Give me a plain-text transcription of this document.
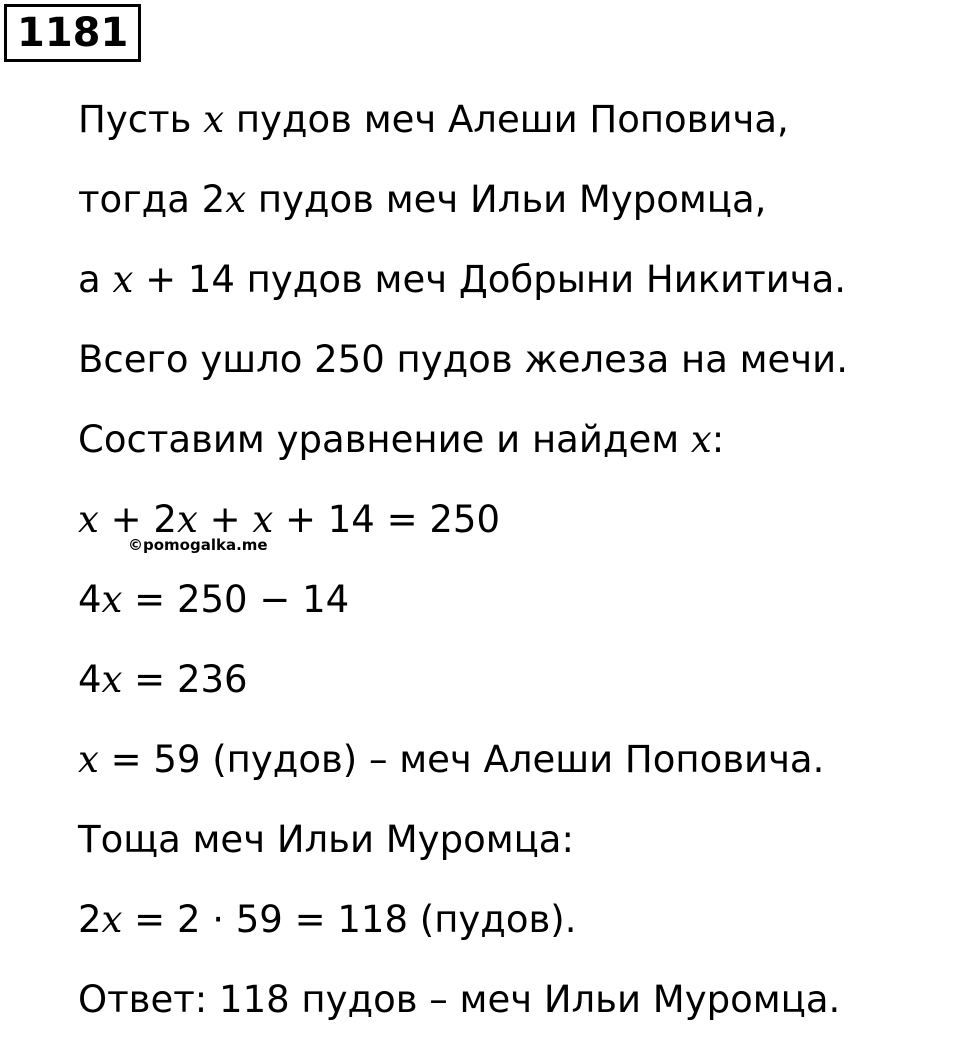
1181
Пусть x пудов меч Алеши Поповича,
тогда 2x пудов меч Ильи Муромца,
а x + 14 пудов меч Добрыни Никитича.
Всего ушло 250 пудов железа на мечи.
Составим уравнение и найдем x:
x + 2x + x + 14 = 250
4x = 250 − 14
4x = 236
x = 59 (пудов) – меч Алеши Поповича.
Тоща меч Ильи Муромца:
2x = 2 · 59 = 118 (пудов).
Ответ: 118 пудов – меч Ильи Муромца.
©pomogalka.me
